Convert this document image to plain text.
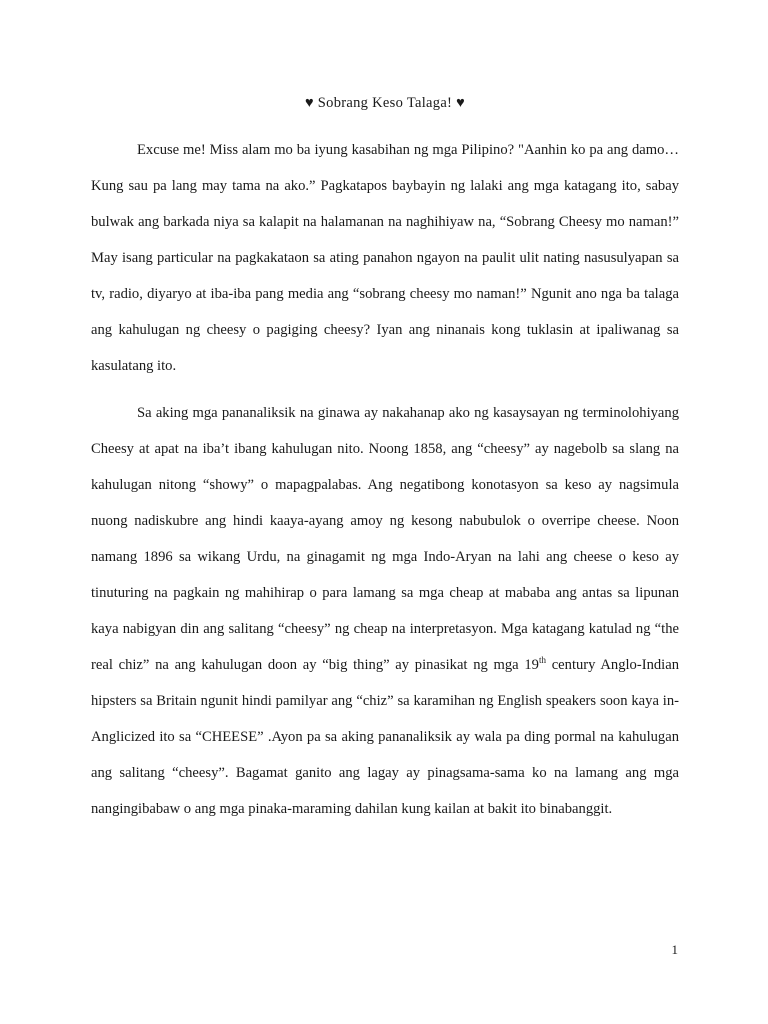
♥ Sobrang Keso Talaga! ♥

Excuse me! Miss alam mo ba iyung kasabihan ng mga Pilipino? "Aanhin ko pa ang damo… Kung sau pa lang may tama na ako.” Pagkatapos baybayin ng lalaki ang mga katagang ito, sabay bulwak ang barkada niya sa kalapit na halamanan na naghihiyaw na, “Sobrang Cheesy mo naman!” May isang particular na pagkakataon sa ating panahon ngayon na paulit ulit nating nasusulyapan sa tv, radio, diyaryo at iba-iba pang media ang “sobrang cheesy mo naman!” Ngunit ano nga ba talaga ang kahulugan ng cheesy o pagiging cheesy? Iyan ang ninanais kong tuklasin at ipaliwanag sa kasulatang ito.

Sa aking mga pananaliksik na ginawa ay nakahanap ako ng kasaysayan ng terminolohiyang Cheesy at apat na iba’t ibang kahulugan nito. Noong 1858, ang “cheesy” ay nagebolb sa slang na kahulugan nitong “showy” o mapagpalabas. Ang negatibong konotasyon sa keso ay nagsimula nuong nadiskubre ang hindi kaaya-ayang amoy ng kesong nabubulok o overripe cheese. Noon namang 1896 sa wikang Urdu, na ginagamit ng mga Indo-Aryan na lahi ang cheese o keso ay tinuturing na pagkain ng mahihirap o para lamang sa mga cheap at mababa ang antas sa lipunan kaya nabigyan din ang salitang “cheesy” ng cheap na interpretasyon. Mga katagang katulad ng “the real chiz” na ang kahulugan doon ay “big thing” ay pinasikat ng mga 19th century Anglo-Indian hipsters sa Britain ngunit hindi pamilyar ang “chiz” sa karamihan ng English speakers soon kaya in-Anglicized ito sa “CHEESE” .Ayon pa sa aking pananaliksik ay wala pa ding pormal na kahulugan ang salitang “cheesy”. Bagamat ganito ang lagay ay pinagsama-sama ko na lamang ang mga nangingibabaw o ang mga pinaka-maraming dahilan kung kailan at bakit ito binabanggit.

1
